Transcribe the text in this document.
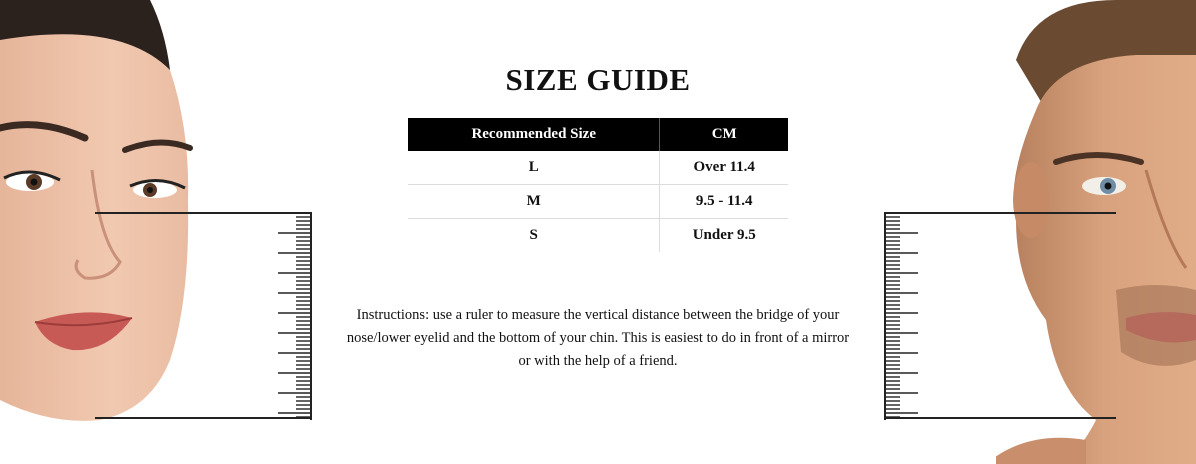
SIZE GUIDE
Recommended Size	CM
L	Over 11.4
M	9.5 - 11.4
S	Under 9.5

Instructions: use a ruler to measure the vertical distance between the bridge of your nose/lower eyelid and the bottom of your chin. This is easiest to do in front of a mirror or with the help of a friend.
